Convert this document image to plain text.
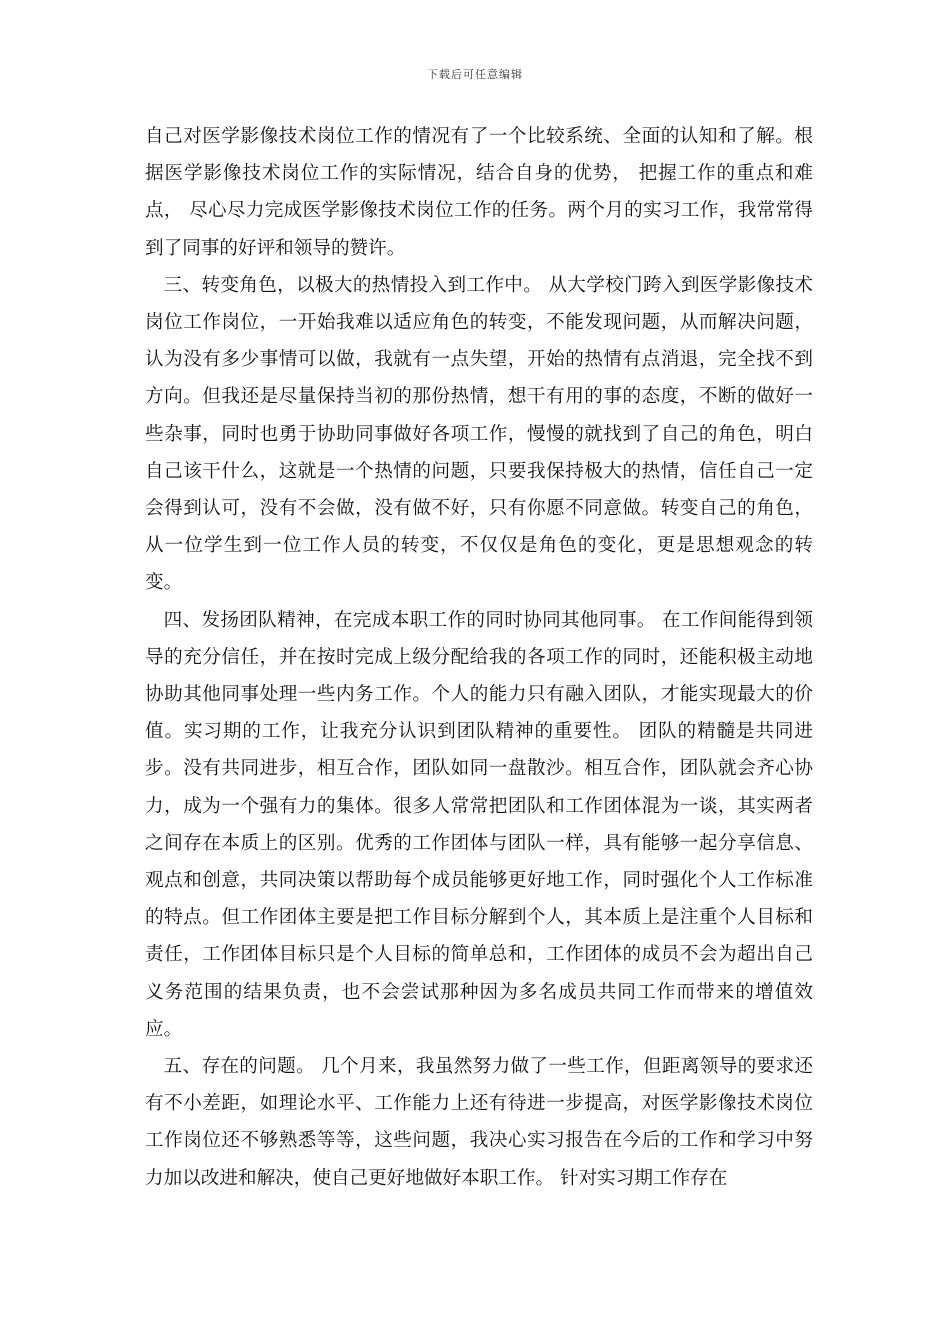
下载后可任意编辑

自己对医学影像技术岗位工作的情况有了一个比较系统、全面的认知和了解。根据医学影像技术岗位工作的实际情况，结合自身的优势， 把握工作的重点和难点， 尽心尽力完成医学影像技术岗位工作的任务。两个月的实习工作，我常常得到了同事的好评和领导的赞许。

三、转变角色，以极大的热情投入到工作中。 从大学校门跨入到医学影像技术岗位工作岗位，一开始我难以适应角色的转变，不能发现问题，从而解决问题，认为没有多少事情可以做，我就有一点失望，开始的热情有点消退，完全找不到方向。但我还是尽量保持当初的那份热情，想干有用的事的态度，不断的做好一些杂事，同时也勇于协助同事做好各项工作，慢慢的就找到了自己的角色，明白自己该干什么，这就是一个热情的问题，只要我保持极大的热情，信任自己一定会得到认可，没有不会做，没有做不好，只有你愿不同意做。转变自己的角色，从一位学生到一位工作人员的转变，不仅仅是角色的变化，更是思想观念的转变。

四、发扬团队精神，在完成本职工作的同时协同其他同事。 在工作间能得到领导的充分信任，并在按时完成上级分配给我的各项工作的同时，还能积极主动地协助其他同事处理一些内务工作。个人的能力只有融入团队，才能实现最大的价值。实习期的工作，让我充分认识到团队精神的重要性。 团队的精髓是共同进步。没有共同进步，相互合作，团队如同一盘散沙。相互合作，团队就会齐心协力，成为一个强有力的集体。很多人常常把团队和工作团体混为一谈，其实两者之间存在本质上的区别。优秀的工作团体与团队一样，具有能够一起分享信息、观点和创意，共同决策以帮助每个成员能够更好地工作，同时强化个人工作标准的特点。但工作团体主要是把工作目标分解到个人，其本质上是注重个人目标和责任，工作团体目标只是个人目标的简单总和，工作团体的成员不会为超出自己义务范围的结果负责，也不会尝试那种因为多名成员共同工作而带来的增值效应。

五、存在的问题。 几个月来，我虽然努力做了一些工作，但距离领导的要求还有不小差距，如理论水平、工作能力上还有待进一步提高，对医学影像技术岗位工作岗位还不够熟悉等等，这些问题，我决心实习报告在今后的工作和学习中努力加以改进和解决，使自己更好地做好本职工作。 针对实习期工作存在
